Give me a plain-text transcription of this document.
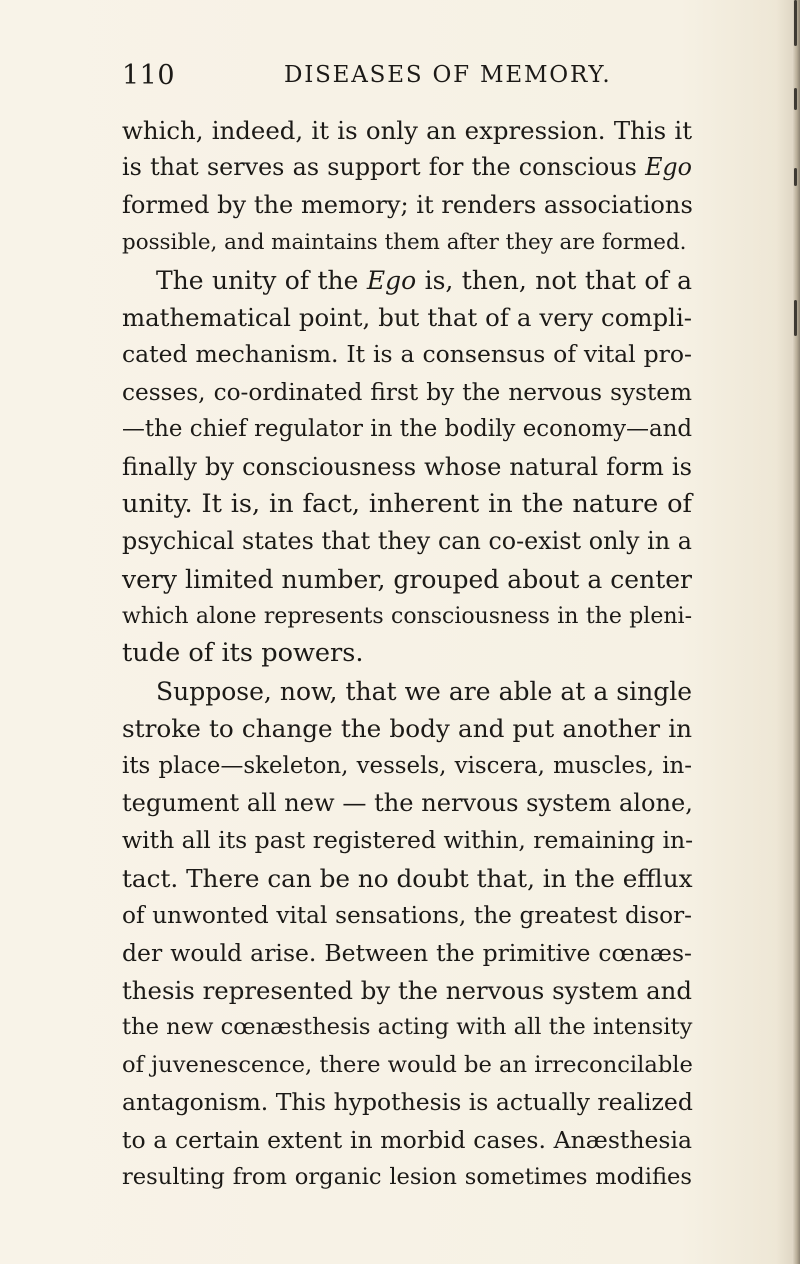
110	DISEASES OF MEMORY.
which, indeed, it is only an expression. This it
is that serves as support for the conscious Ego
formed by the memory; it renders associations
possible, and maintains them after they are formed.
The unity of the Ego is, then, not that of a
mathematical point, but that of a very compli-
cated mechanism. It is a consensus of vital pro-
cesses, co-ordinated first by the nervous system
—the chief regulator in the bodily economy—and
finally by consciousness whose natural form is
unity. It is, in fact, inherent in the nature of
psychical states that they can co-exist only in a
very limited number, grouped about a center
which alone represents consciousness in the pleni-
tude of its powers.
Suppose, now, that we are able at a single
stroke to change the body and put another in
its place—skeleton, vessels, viscera, muscles, in-
tegument all new — the nervous system alone,
with all its past registered within, remaining in-
tact. There can be no doubt that, in the efflux
of unwonted vital sensations, the greatest disor-
der would arise. Between the primitive cœnæs-
thesis represented by the nervous system and
the new cœnæsthesis acting with all the intensity
of juvenescence, there would be an irreconcilable
antagonism. This hypothesis is actually realized
to a certain extent in morbid cases. Anæsthesia
resulting from organic lesion sometimes modifies
